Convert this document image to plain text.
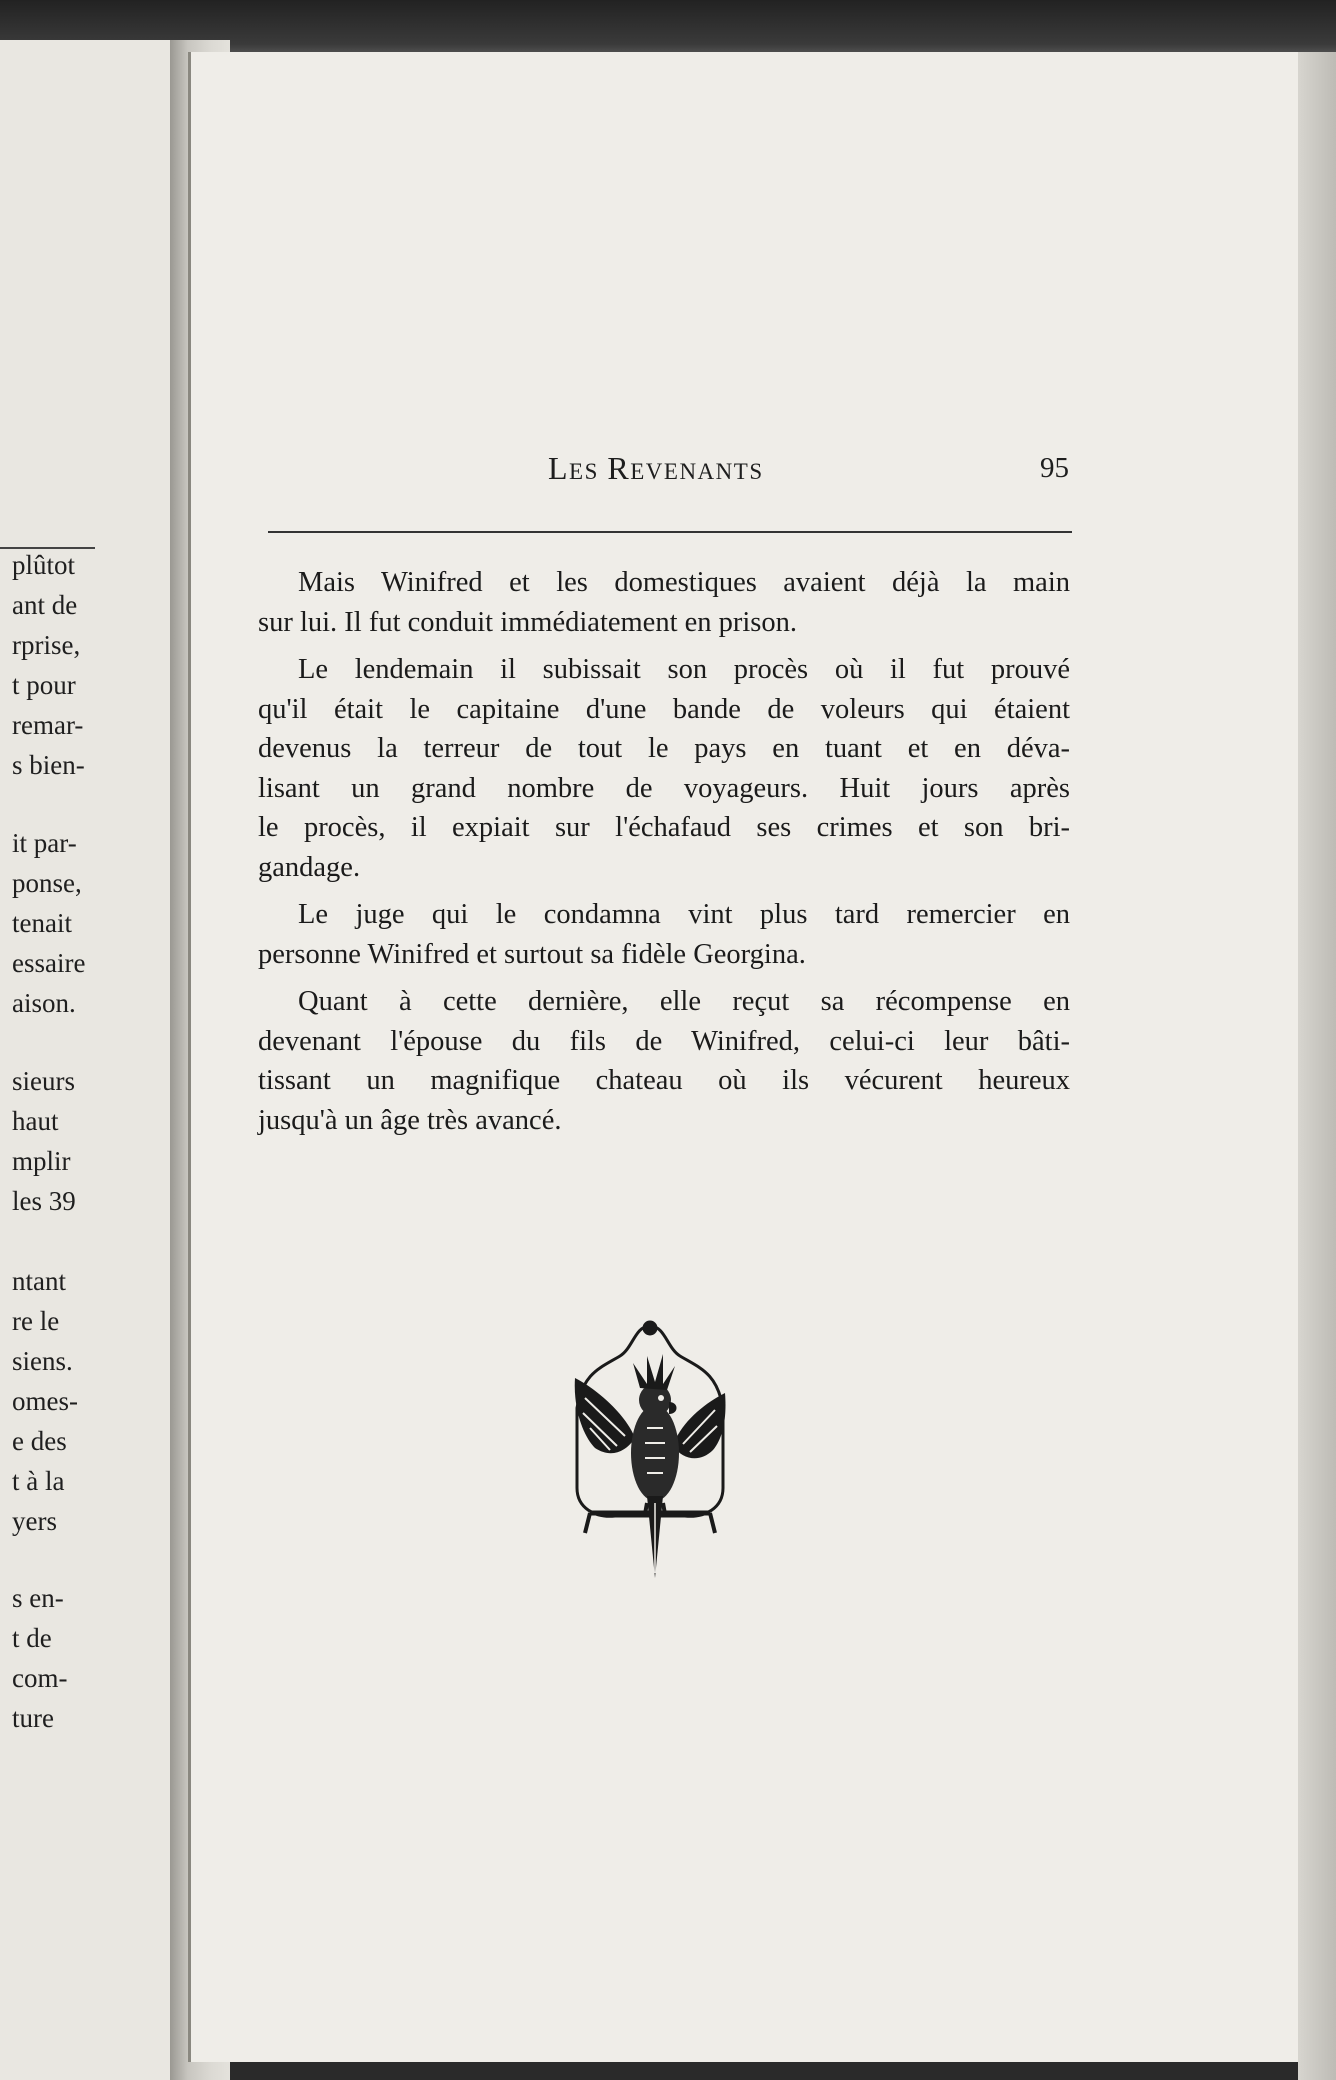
plûtot
ant de
rprise,
t pour
remar-
s bien-
it par-
ponse,
tenait
essaire
aison.
sieurs
haut
mplir
les 39
ntant
re le
siens.
omes-
e des
t à la
yers
s en-
t de
com-
ture

LES REVENANTS	95

Mais Winifred et les domestiques avaient déjà la main
sur lui. Il fut conduit immédiatement en prison.

Le lendemain il subissait son procès où il fut prouvé
qu'il était le capitaine d'une bande de voleurs qui étaient
devenus la terreur de tout le pays en tuant et en déva-
lisant un grand nombre de voyageurs. Huit jours après
le procès, il expiait sur l'échafaud ses crimes et son bri-
gandage.

Le juge qui le condamna vint plus tard remercier en
personne Winifred et surtout sa fidèle Georgina.

Quant à cette dernière, elle reçut sa récompense en
devenant l'épouse du fils de Winifred, celui-ci leur bâti-
tissant un magnifique chateau où ils vécurent heureux
jusqu'à un âge très avancé.
